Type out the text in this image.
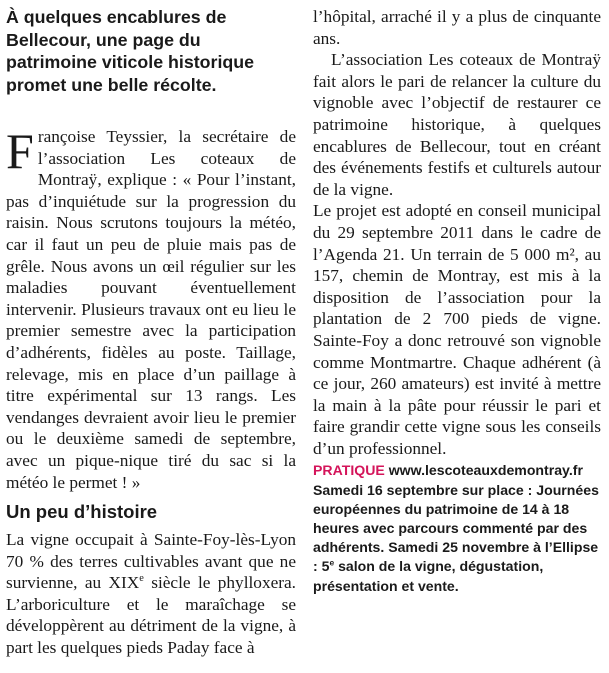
À quelques encablures de Bellecour, une page du patrimoine viticole historique promet une belle récolte.

Françoise Teyssier, la secrétaire de l’association Les coteaux de Montraÿ, explique : « Pour l’instant, pas d’inquiétude sur la progression du raisin. Nous scrutons toujours la météo, car il faut un peu de pluie mais pas de grêle. Nous avons un œil régulier sur les maladies pouvant éventuellement intervenir. Plusieurs travaux ont eu lieu le premier semestre avec la participation d’adhérents, fidèles au poste. Taillage, relevage, mis en place d’un paillage à titre expérimental sur 13 rangs. Les vendanges devraient avoir lieu le premier ou le deuxième samedi de septembre, avec un pique-nique tiré du sac si la météo le permet ! »

Un peu d’histoire

La vigne occupait à Sainte-Foy-lès-Lyon 70 % des terres cultivables avant que ne survienne, au XIXe siècle le phylloxera. L’arboriculture et le maraîchage se développèrent au détriment de la vigne, à part les quelques pieds Paday face à

l’hôpital, arraché il y a plus de cinquante ans.

L’association Les coteaux de Montraÿ fait alors le pari de relancer la culture du vignoble avec l’objectif de restaurer ce patrimoine historique, à quelques encablures de Bellecour, tout en créant des événements festifs et culturels autour de la vigne.

Le projet est adopté en conseil municipal du 29 septembre 2011 dans le cadre de l’Agenda 21. Un terrain de 5 000 m², au 157, chemin de Montray, est mis à la disposition de l’association pour la plantation de 2 700 pieds de vigne. Sainte-Foy a donc retrouvé son vignoble comme Montmartre. Chaque adhérent (à ce jour, 260 amateurs) est invité à mettre la main à la pâte pour réussir le pari et faire grandir cette vigne sous les conseils d’un professionnel.

PRATIQUE www.lescoteauxdemontray.fr
Samedi 16 septembre sur place : Journées européennes du patrimoine de 14 à 18 heures avec parcours commenté par des adhérents. Samedi 25 novembre à l’Ellipse : 5e salon de la vigne, dégustation, présentation et vente.
